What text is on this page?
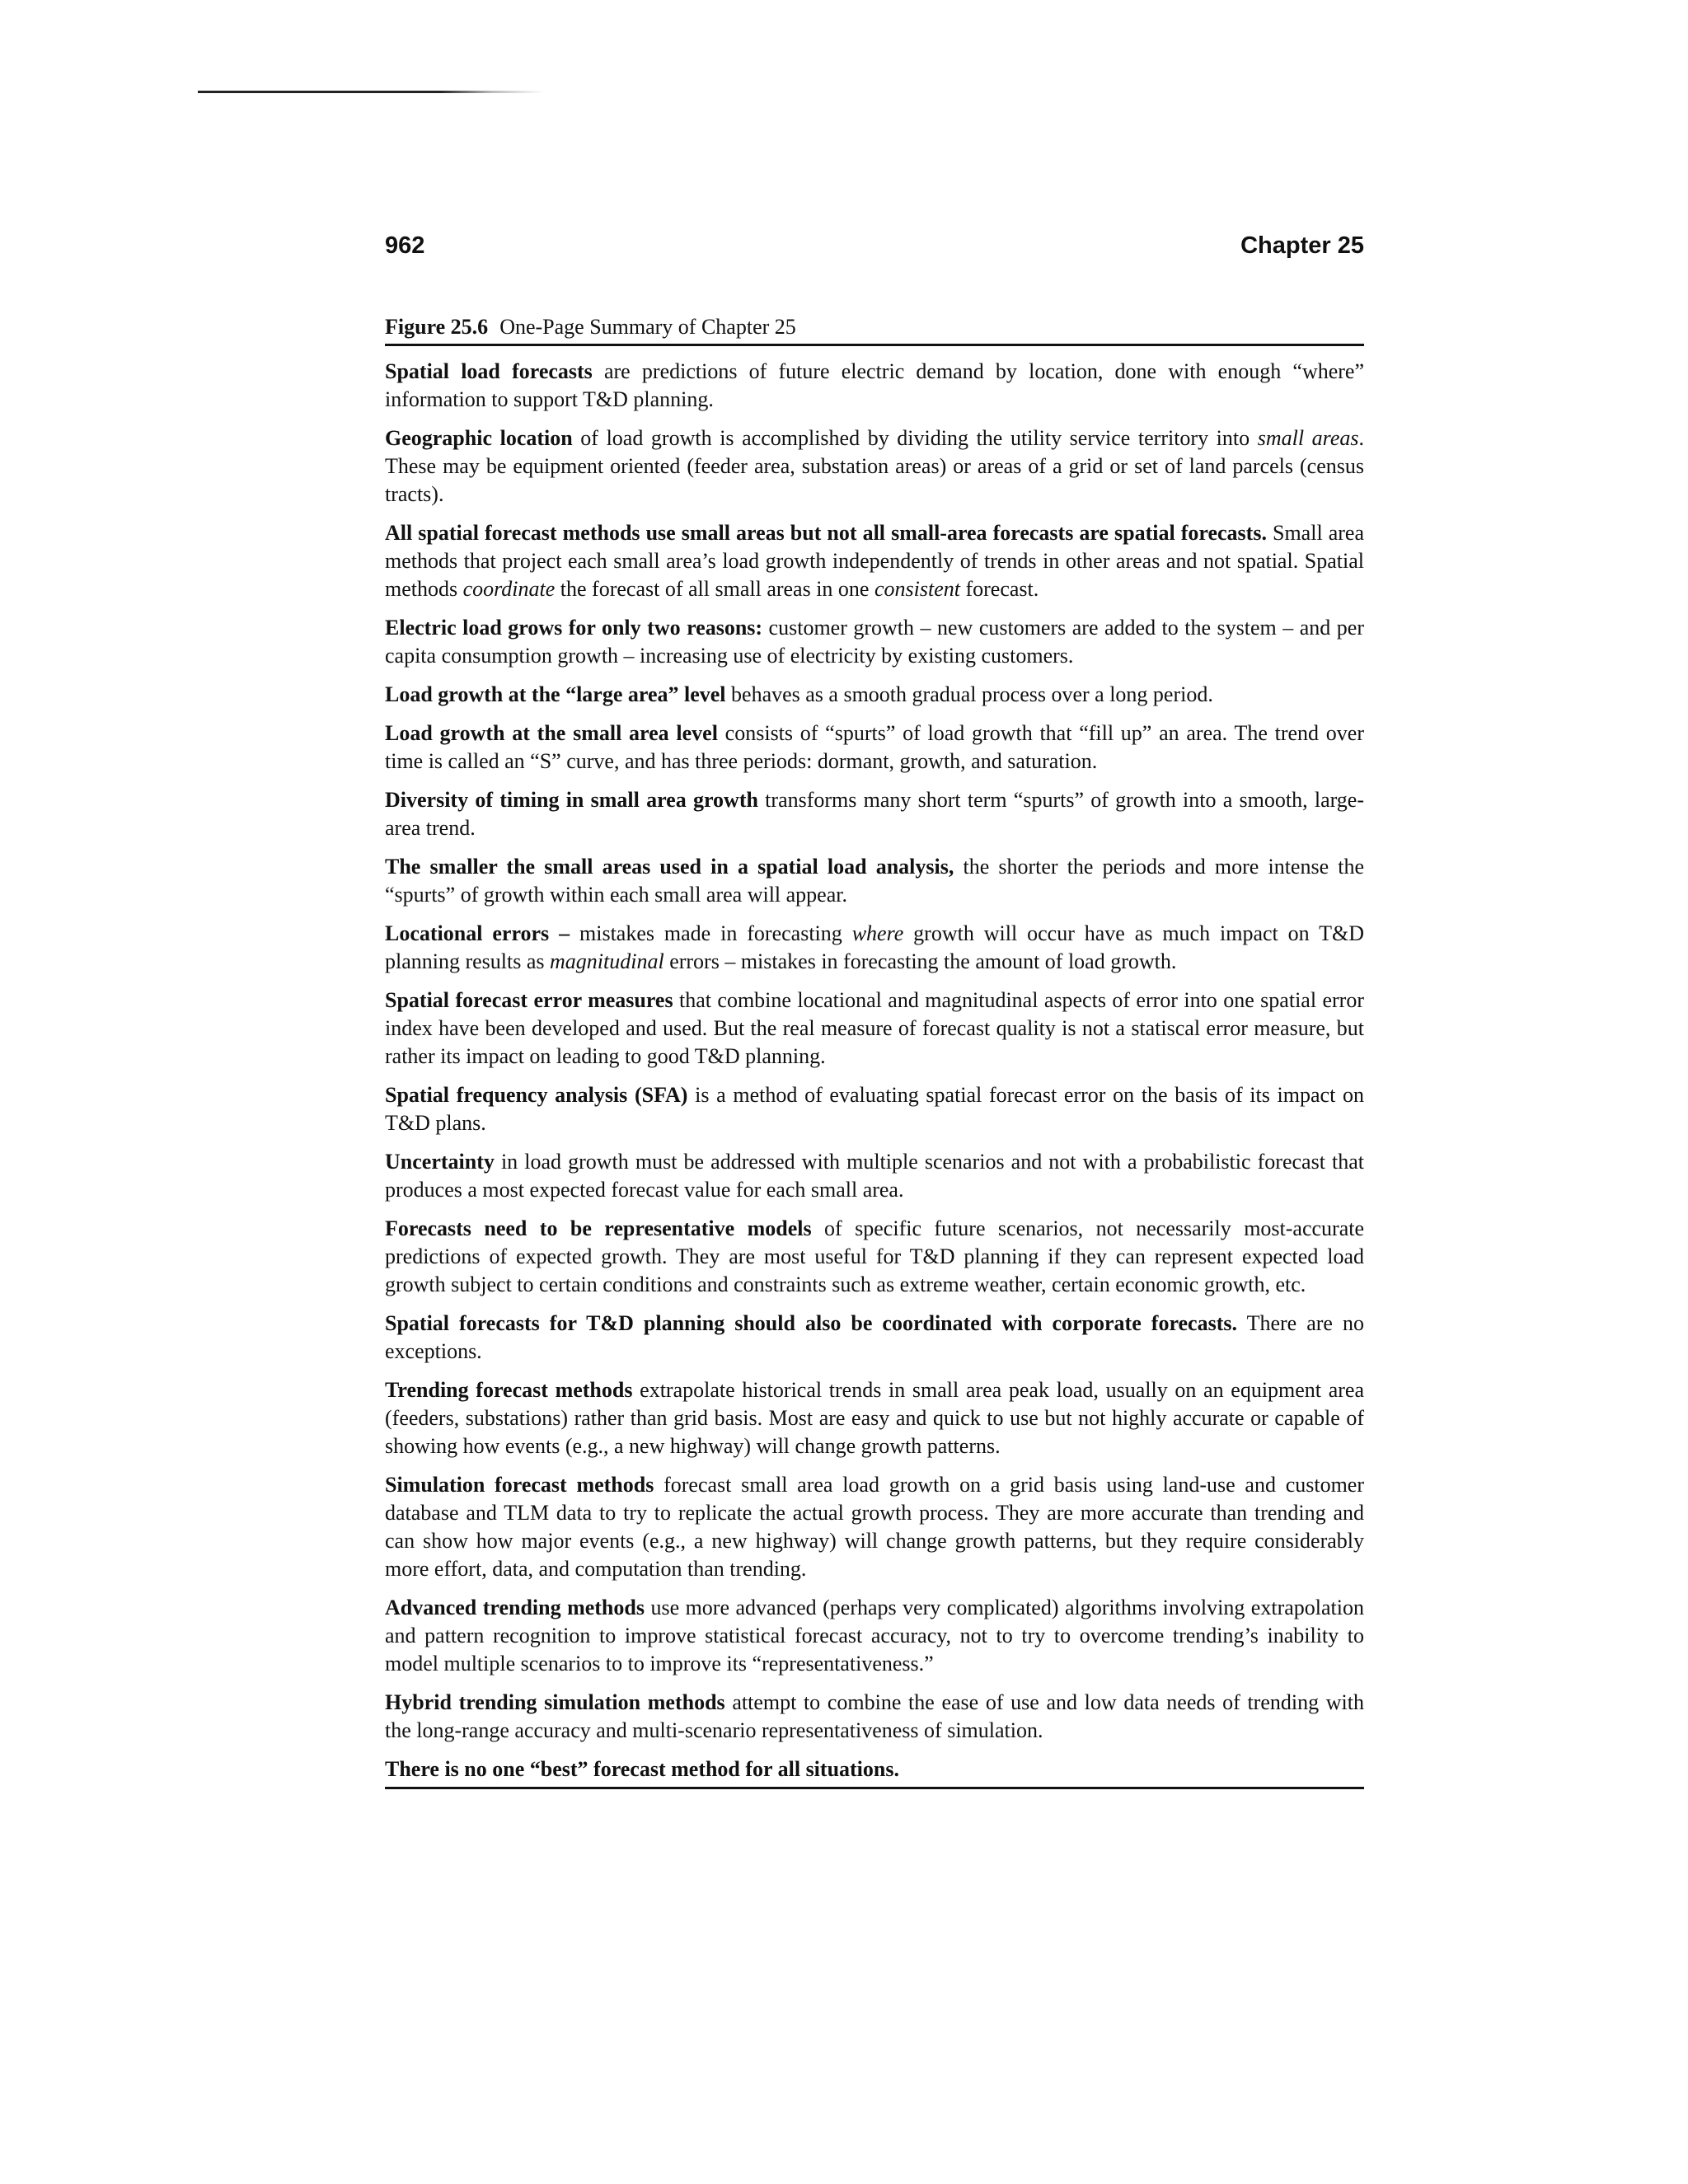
962	Chapter 25
Figure 25.6 One-Page Summary of Chapter 25

Spatial load forecasts are predictions of future electric demand by location, done with enough “where” information to support T&D planning.

Geographic location of load growth is accomplished by dividing the utility service territory into small areas. These may be equipment oriented (feeder area, substation areas) or areas of a grid or set of land parcels (census tracts).

All spatial forecast methods use small areas but not all small-area forecasts are spatial forecasts. Small area methods that project each small area’s load growth independently of trends in other areas and not spatial. Spatial methods coordinate the forecast of all small areas in one consistent forecast.

Electric load grows for only two reasons: customer growth – new customers are added to the system – and per capita consumption growth – increasing use of electricity by existing customers.

Load growth at the “large area” level behaves as a smooth gradual process over a long period.

Load growth at the small area level consists of “spurts” of load growth that “fill up” an area. The trend over time is called an “S” curve, and has three periods: dormant, growth, and saturation.

Diversity of timing in small area growth transforms many short term “spurts” of growth into a smooth, large-area trend.

The smaller the small areas used in a spatial load analysis, the shorter the periods and more intense the “spurts” of growth within each small area will appear.

Locational errors – mistakes made in forecasting where growth will occur have as much impact on T&D planning results as magnitudinal errors – mistakes in forecasting the amount of load growth.

Spatial forecast error measures that combine locational and magnitudinal aspects of error into one spatial error index have been developed and used. But the real measure of forecast quality is not a statiscal error measure, but rather its impact on leading to good T&D planning.

Spatial frequency analysis (SFA) is a method of evaluating spatial forecast error on the basis of its impact on T&D plans.

Uncertainty in load growth must be addressed with multiple scenarios and not with a probabilistic forecast that produces a most expected forecast value for each small area.

Forecasts need to be representative models of specific future scenarios, not necessarily most-accurate predictions of expected growth. They are most useful for T&D planning if they can represent expected load growth subject to certain conditions and constraints such as extreme weather, certain economic growth, etc.

Spatial forecasts for T&D planning should also be coordinated with corporate forecasts. There are no exceptions.

Trending forecast methods extrapolate historical trends in small area peak load, usually on an equipment area (feeders, substations) rather than grid basis. Most are easy and quick to use but not highly accurate or capable of showing how events (e.g., a new highway) will change growth patterns.

Simulation forecast methods forecast small area load growth on a grid basis using land-use and customer database and TLM data to try to replicate the actual growth process. They are more accurate than trending and can show how major events (e.g., a new highway) will change growth patterns, but they require considerably more effort, data, and computation than trending.

Advanced trending methods use more advanced (perhaps very complicated) algorithms involving extrapolation and pattern recognition to improve statistical forecast accuracy, not to try to overcome trending’s inability to model multiple scenarios to to improve its “representativeness.”

Hybrid trending simulation methods attempt to combine the ease of use and low data needs of trending with the long-range accuracy and multi-scenario representativeness of simulation.

There is no one “best” forecast method for all situations.
